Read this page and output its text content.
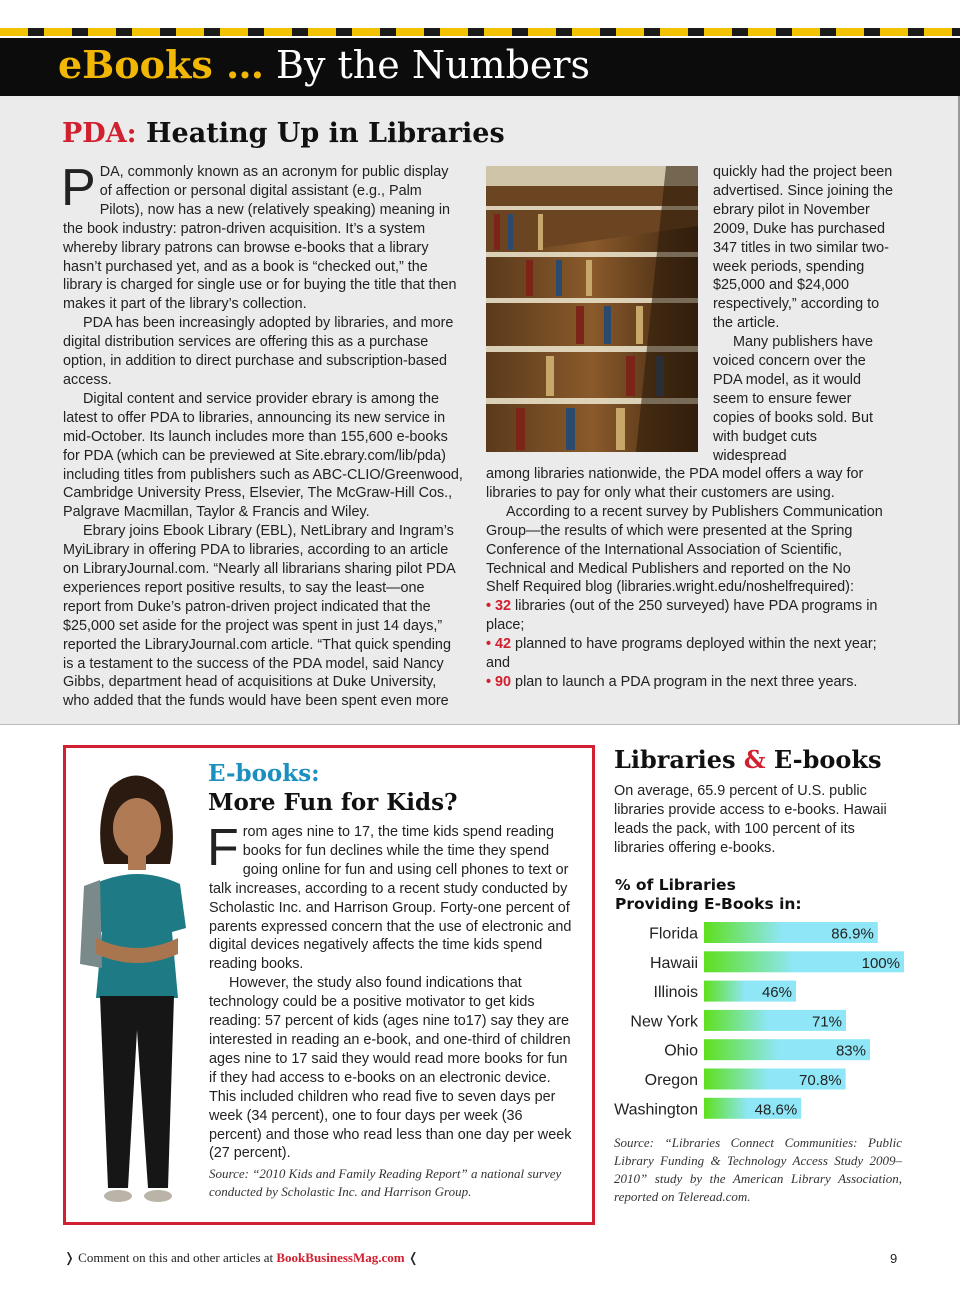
eBooks … By the Numbers
PDA: Heating Up in Libraries

PDA, commonly known as an acronym for public display of affection or personal digital assistant (e.g., Palm Pilots), now has a new (relatively speaking) meaning in the book industry: patron-driven acquisition. It’s a system whereby library patrons can browse e-books that a library hasn’t purchased yet, and as a book is “checked out,” the library is charged for single use or for buying the title that then makes it part of the library’s collection.

PDA has been increasingly adopted by libraries, and more digital distribution services are offering this as a purchase option, in addition to direct purchase and subscription-based access.

Digital content and service provider ebrary is among the latest to offer PDA to libraries, announcing its new service in mid-October. Its launch includes more than 155,600 e-books for PDA (which can be previewed at Site.ebrary.com/lib/pda) including titles from publishers such as ABC-CLIO/Greenwood, Cambridge University Press, Elsevier, The McGraw-Hill Cos., Palgrave Macmillan, Taylor & Francis and Wiley.

Ebrary joins Ebook Library (EBL), NetLibrary and Ingram’s MyiLibrary in offering PDA to libraries, according to an article on LibraryJournal.com. “Nearly all librarians sharing pilot PDA experiences report positive results, to say the least—one report from Duke’s patron-driven project indicated that the $25,000 set aside for the project was spent in just 14 days,” reported the LibraryJournal.com article. “That quick spending is a testament to the success of the PDA model, said Nancy Gibbs, department head of acquisitions at Duke University, who added that the funds would have been spent even more

quickly had the project been advertised. Since joining the ebrary pilot in November 2009, Duke has purchased 347 titles in two similar two-week periods, spending $25,000 and $24,000 respectively,” according to the article.

Many publishers have voiced concern over the PDA model, as it would seem to ensure fewer copies of books sold. But with budget cuts widespread

among libraries nationwide, the PDA model offers a way for libraries to pay for only what their customers are using.

According to a recent survey by Publishers Communication Group—the results of which were presented at the Spring Conference of the International Association of Scientific, Technical and Medical Publishers and reported on the No Shelf Required blog (libraries.wright.edu/noshelfrequired):

• 32 libraries (out of the 250 surveyed) have PDA programs in place;

• 42 planned to have programs deployed within the next year; and

• 90 plan to launch a PDA program in the next three years.

E-books:
More Fun for Kids?

From ages nine to 17, the time kids spend reading books for fun declines while the time they spend going online for fun and using cell phones to text or talk increases, according to a recent study conducted by Scholastic Inc. and Harrison Group. Forty-one percent of parents expressed concern that the use of electronic and digital devices negatively affects the time kids spend reading books.

However, the study also found indications that technology could be a positive motivator to get kids reading: 57 percent of kids (ages nine to17) say they are interested in reading an e-book, and one-third of children ages nine to 17 said they would read more books for fun if they had access to e-books on an electronic device. This included children who read five to seven days per week (34 percent), one to four days per week (36 percent) and those who read less than one day per week (27 percent).

Source: “2010 Kids and Family Reading Report” a national survey conducted by Scholastic Inc. and Harrison Group.

Libraries & E-books
On average, 65.9 percent of U.S. public libraries provide access to e-books. Hawaii leads the pack, with 100 percent of its libraries offering e-books.
% of Libraries
Providing E-Books in:
Florida	86.9%
Hawaii	100%
Illinois	46%
New York	71%
Ohio	83%
Oregon	70.8%
Washington	48.6%
Source: “Libraries Connect Communities: Public Library Funding & Technology Access Study 2009–2010” study by the American Library Association, reported on Teleread.com.
❭ Comment on this and other articles at BookBusinessMag.com ❬	9
